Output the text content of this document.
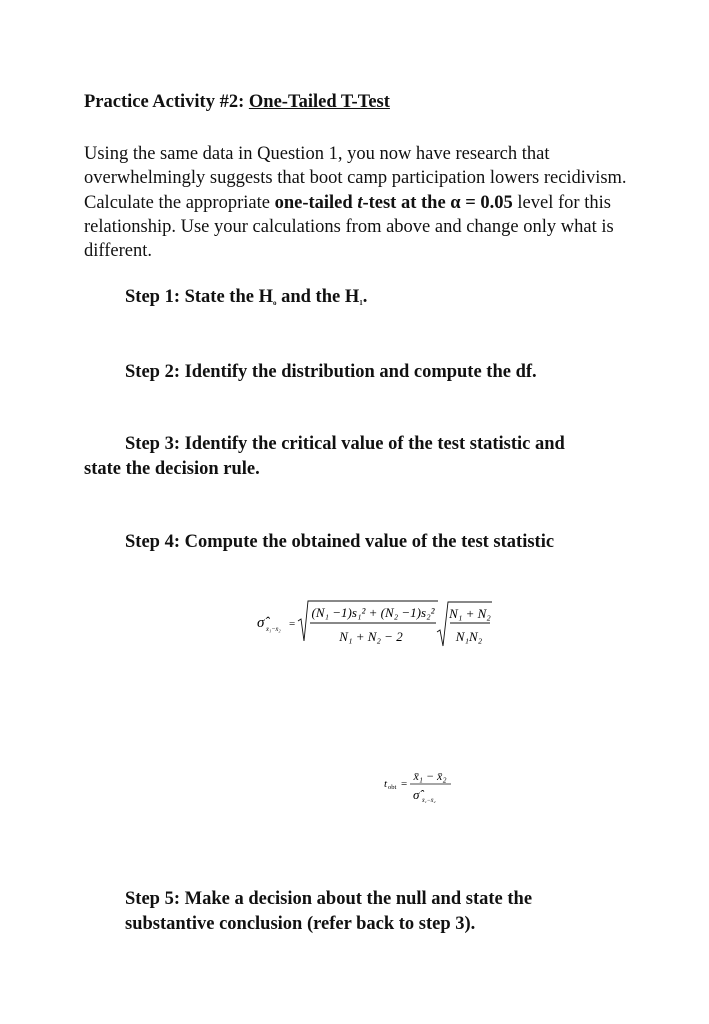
Practice Activity #2: One-Tailed T-Test
Using the same data in Question 1, you now have research that overwhelmingly suggests that boot camp participation lowers recidivism. Calculate the appropriate one-tailed t-test at the α = 0.05 level for this relationship. Use your calculations from above and change only what is different.
Step 1: State the $H_o$ and the $H_1$.
Step 2: Identify the distribution and compute the df.
Step 3: Identify the critical value of the test statistic and
state the decision rule.
Step 4: Compute the obtained value of the test statistic
σ̂ x̄₁−x̄₂ =
(N₁ −1)s₁² + (N₂ −1)s₂²
N₁ + N₂ − 2
N₁ + N₂
N₁N₂
t obt =
x̄₁ − x̄₂
σ̂ x̄₁−x̄₂
Step 5: Make a decision about the null and state the
substantive conclusion (refer back to step 3).
